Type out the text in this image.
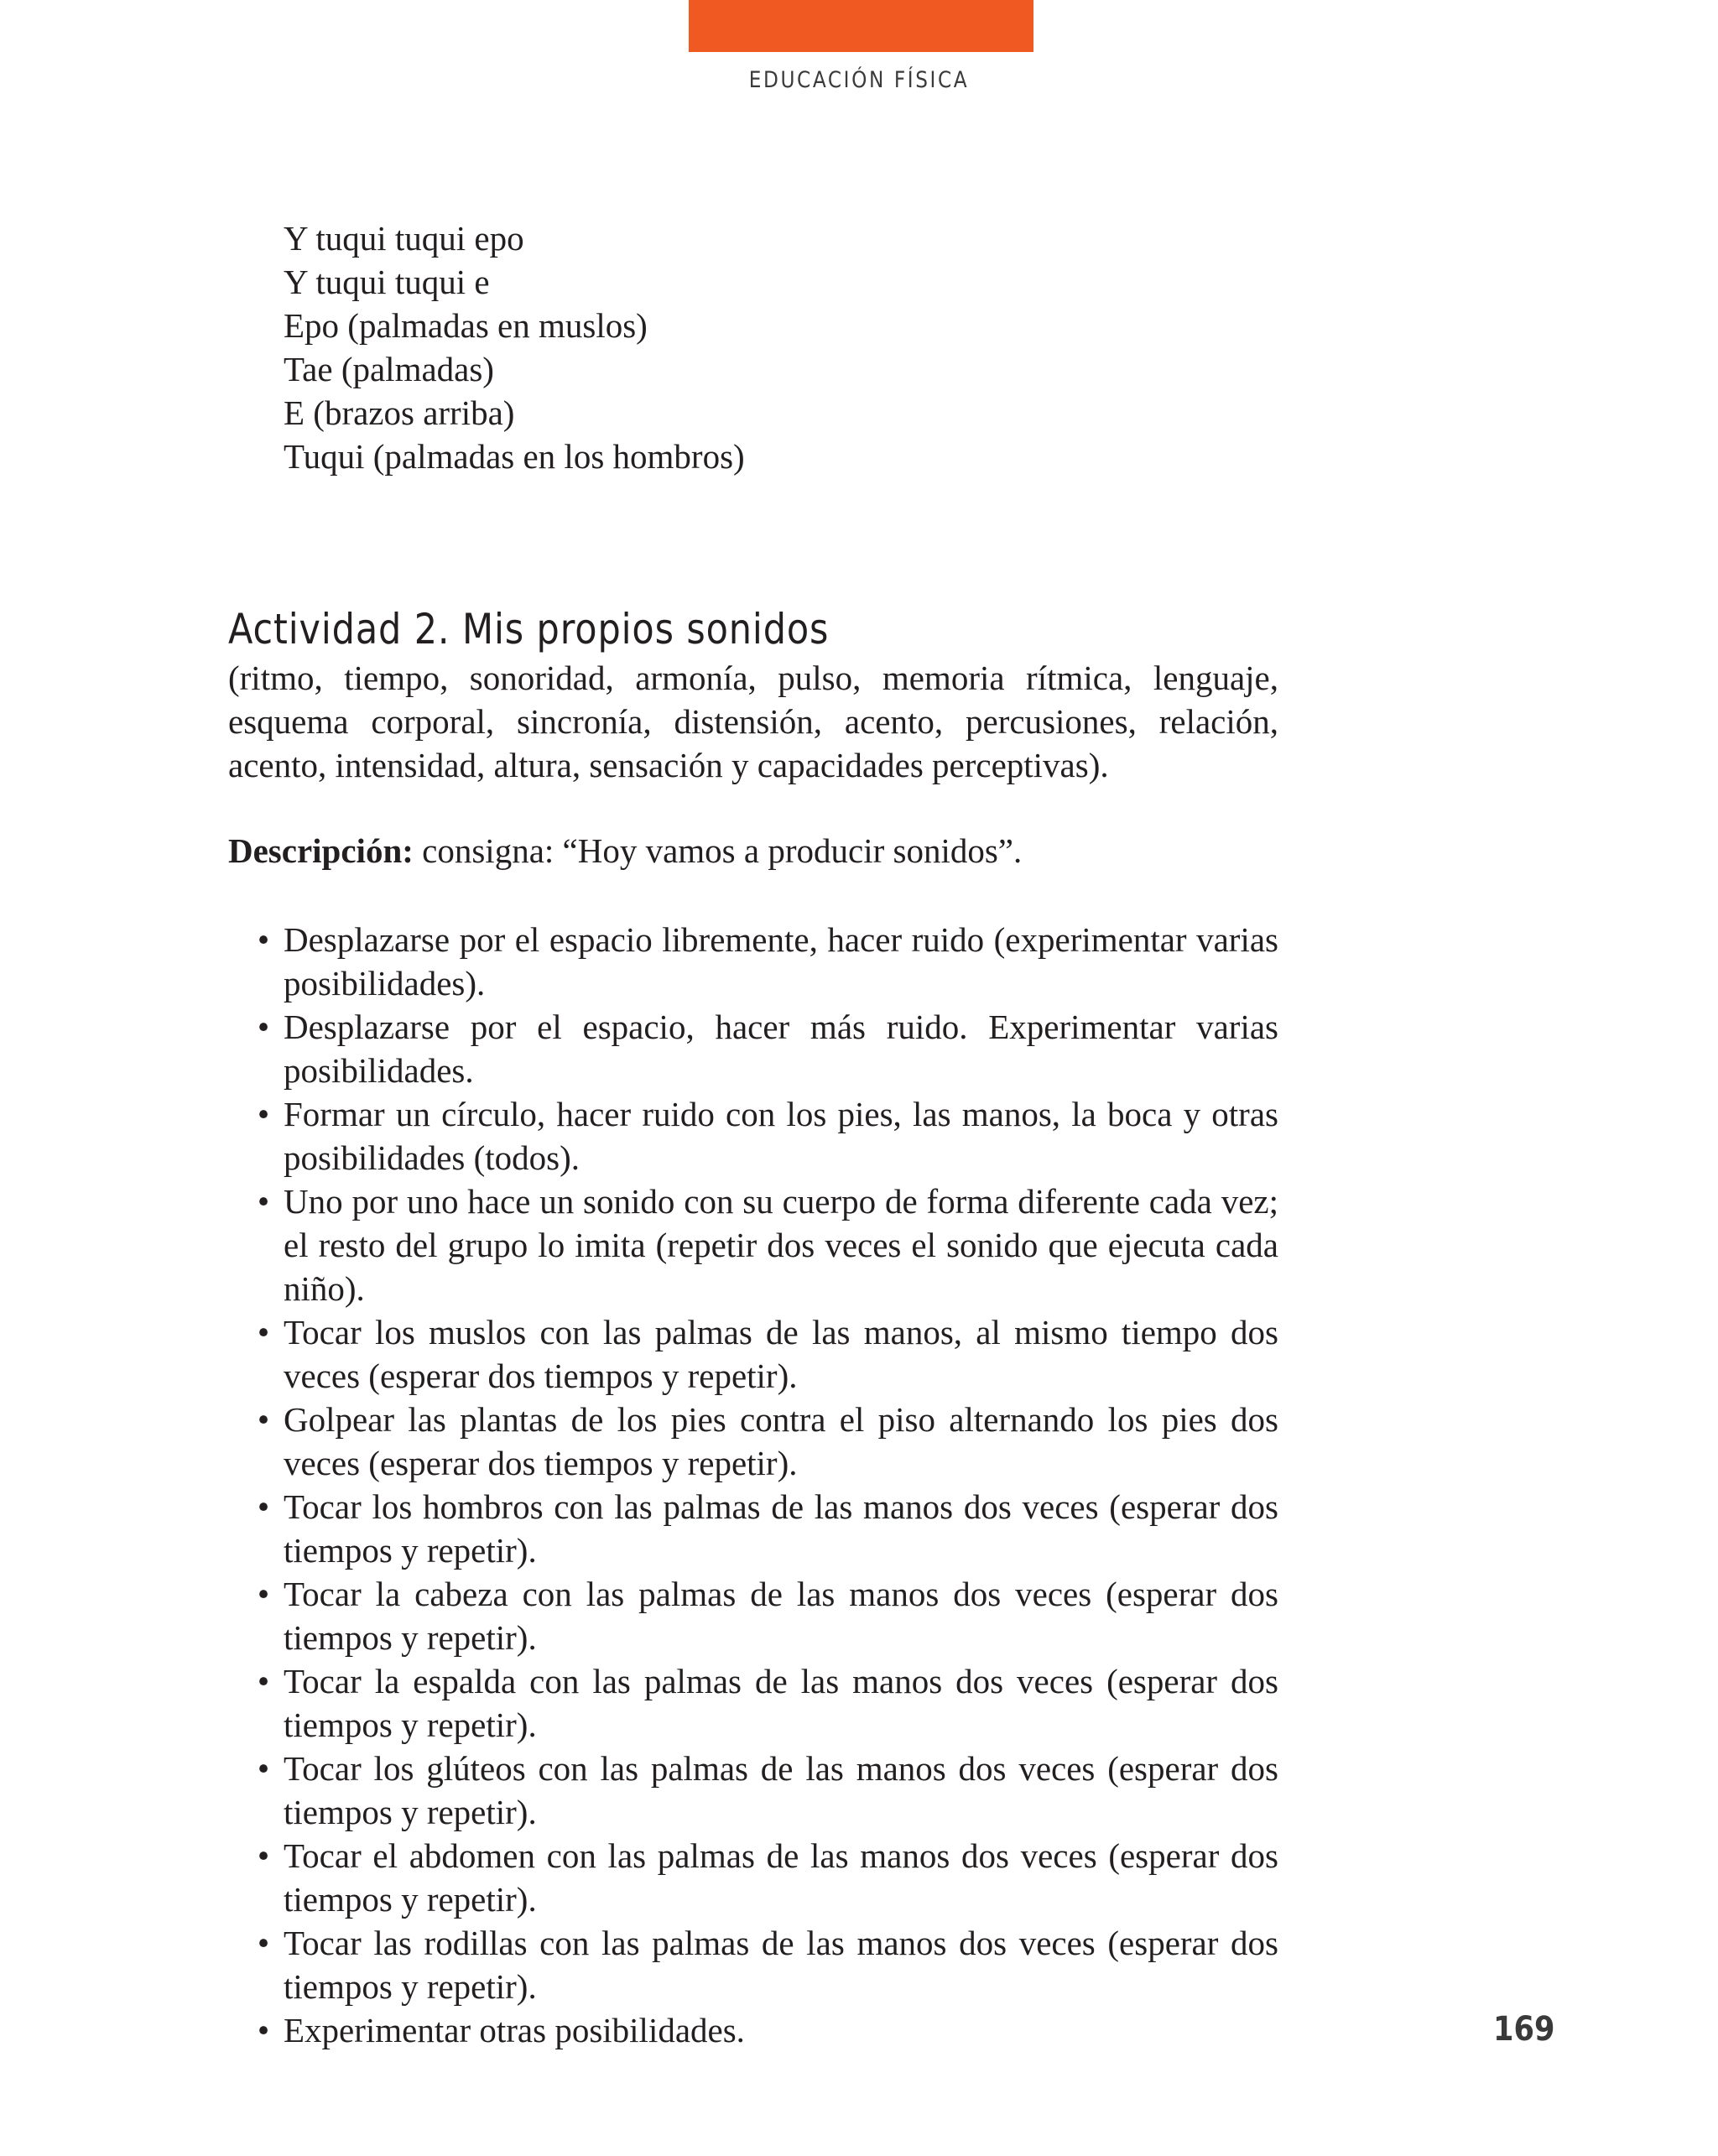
EDUCACIÓN FÍSICA
Y tuqui tuqui epo
Y tuqui tuqui e
Epo (palmadas en muslos)
Tae (palmadas)
E (brazos arriba)
Tuqui (palmadas en los hombros)
Actividad 2. Mis propios sonidos
(ritmo, tiempo, sonoridad, armonía, pulso, memoria rítmica, lenguaje, esquema corporal, sincronía, distensión, acento, percusiones, relación, acento, intensidad, altura, sensación y capacidades perceptivas).
Descripción: consigna: “Hoy vamos a producir sonidos”.
• Desplazarse por el espacio libremente, hacer ruido (experimentar varias posibilidades).
• Desplazarse por el espacio, hacer más ruido. Experimentar varias posibilidades.
• Formar un círculo, hacer ruido con los pies, las manos, la boca y otras posibilidades (todos).
• Uno por uno hace un sonido con su cuerpo de forma diferente cada vez; el resto del grupo lo imita (repetir dos veces el sonido que ejecuta cada niño).
• Tocar los muslos con las palmas de las manos, al mismo tiempo dos veces (esperar dos tiempos y repetir).
• Golpear las plantas de los pies contra el piso alternando los pies dos veces (esperar dos tiempos y repetir).
• Tocar los hombros con las palmas de las manos dos veces (esperar dos tiempos y repetir).
• Tocar la cabeza con las palmas de las manos dos veces (esperar dos tiempos y repetir).
• Tocar la espalda con las palmas de las manos dos veces (esperar dos tiempos y repetir).
• Tocar los glúteos con las palmas de las manos dos veces (esperar dos tiempos y repetir).
• Tocar el abdomen con las palmas de las manos dos veces (esperar dos tiempos y repetir).
• Tocar las rodillas con las palmas de las manos dos veces (esperar dos tiempos y repetir).
• Experimentar otras posibilidades.	169
